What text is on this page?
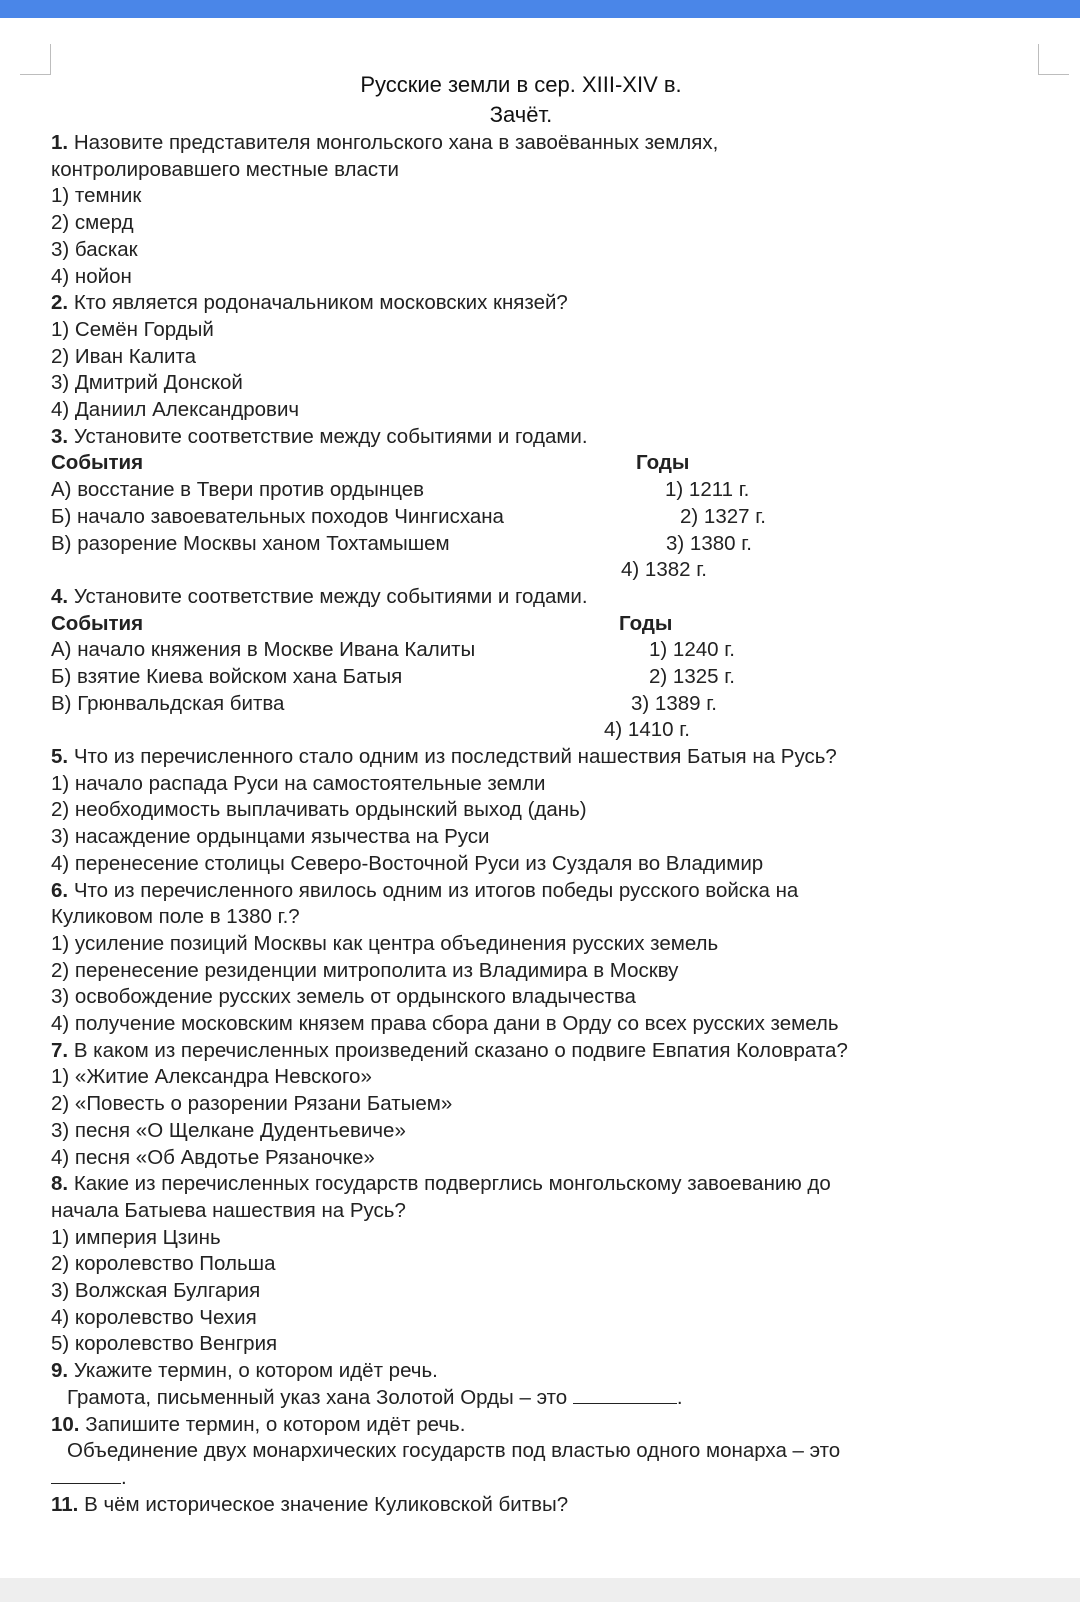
Русские земли в сер. XIII-XIV в.
Зачёт.
1. Назовите представителя монгольского хана в завоёванных землях,
контролировавшего местные власти
1) темник
2) смерд
3) баскак
4) нойон
2. Кто является родоначальником московских князей?
1) Семён Гордый
2) Иван Калита
3) Дмитрий Донской
4) Даниил Александрович
3. Установите соответствие между событиями и годами.
События	Годы
А) восстание в Твери против ордынцев	1) 1211 г.
Б) начало завоевательных походов Чингисхана	2) 1327 г.
В) разорение Москвы ханом Тохтамышем	3) 1380 г.
4) 1382 г.
4. Установите соответствие между событиями и годами.
События	Годы
А) начало княжения в Москве Ивана Калиты	1) 1240 г.
Б) взятие Киева войском хана Батыя	2) 1325 г.
В) Грюнвальдская битва	3) 1389 г.
4) 1410 г.
5. Что из перечисленного стало одним из последствий нашествия Батыя на Русь?
1) начало распада Руси на самостоятельные земли
2) необходимость выплачивать ордынский выход (дань)
3) насаждение ордынцами язычества на Руси
4) перенесение столицы Северо-Восточной Руси из Суздаля во Владимир
6. Что из перечисленного явилось одним из итогов победы русского войска на
Куликовом поле в 1380 г.?
1) усиление позиций Москвы как центра объединения русских земель
2) перенесение резиденции митрополита из Владимира в Москву
3) освобождение русских земель от ордынского владычества
4) получение московским князем права сбора дани в Орду со всех русских земель
7. В каком из перечисленных произведений сказано о подвиге Евпатия Коловрата?
1) «Житие Александра Невского»
2) «Повесть о разорении Рязани Батыем»
3) песня «О Щелкане Дудентьевиче»
4) песня «Об Авдотье Рязаночке»
8. Какие из перечисленных государств подверглись монгольскому завоеванию до
начала Батыева нашествия на Русь?
1) империя Цзинь
2) королевство Польша
3) Волжская Булгария
4) королевство Чехия
5) королевство Венгрия
9. Укажите термин, о котором идёт речь.
Грамота, письменный указ хана Золотой Орды – это	.
10. Запишите термин, о котором идёт речь.
Объединение двух монархических государств под властью одного монарха – это
.
11. В чём историческое значение Куликовской битвы?
